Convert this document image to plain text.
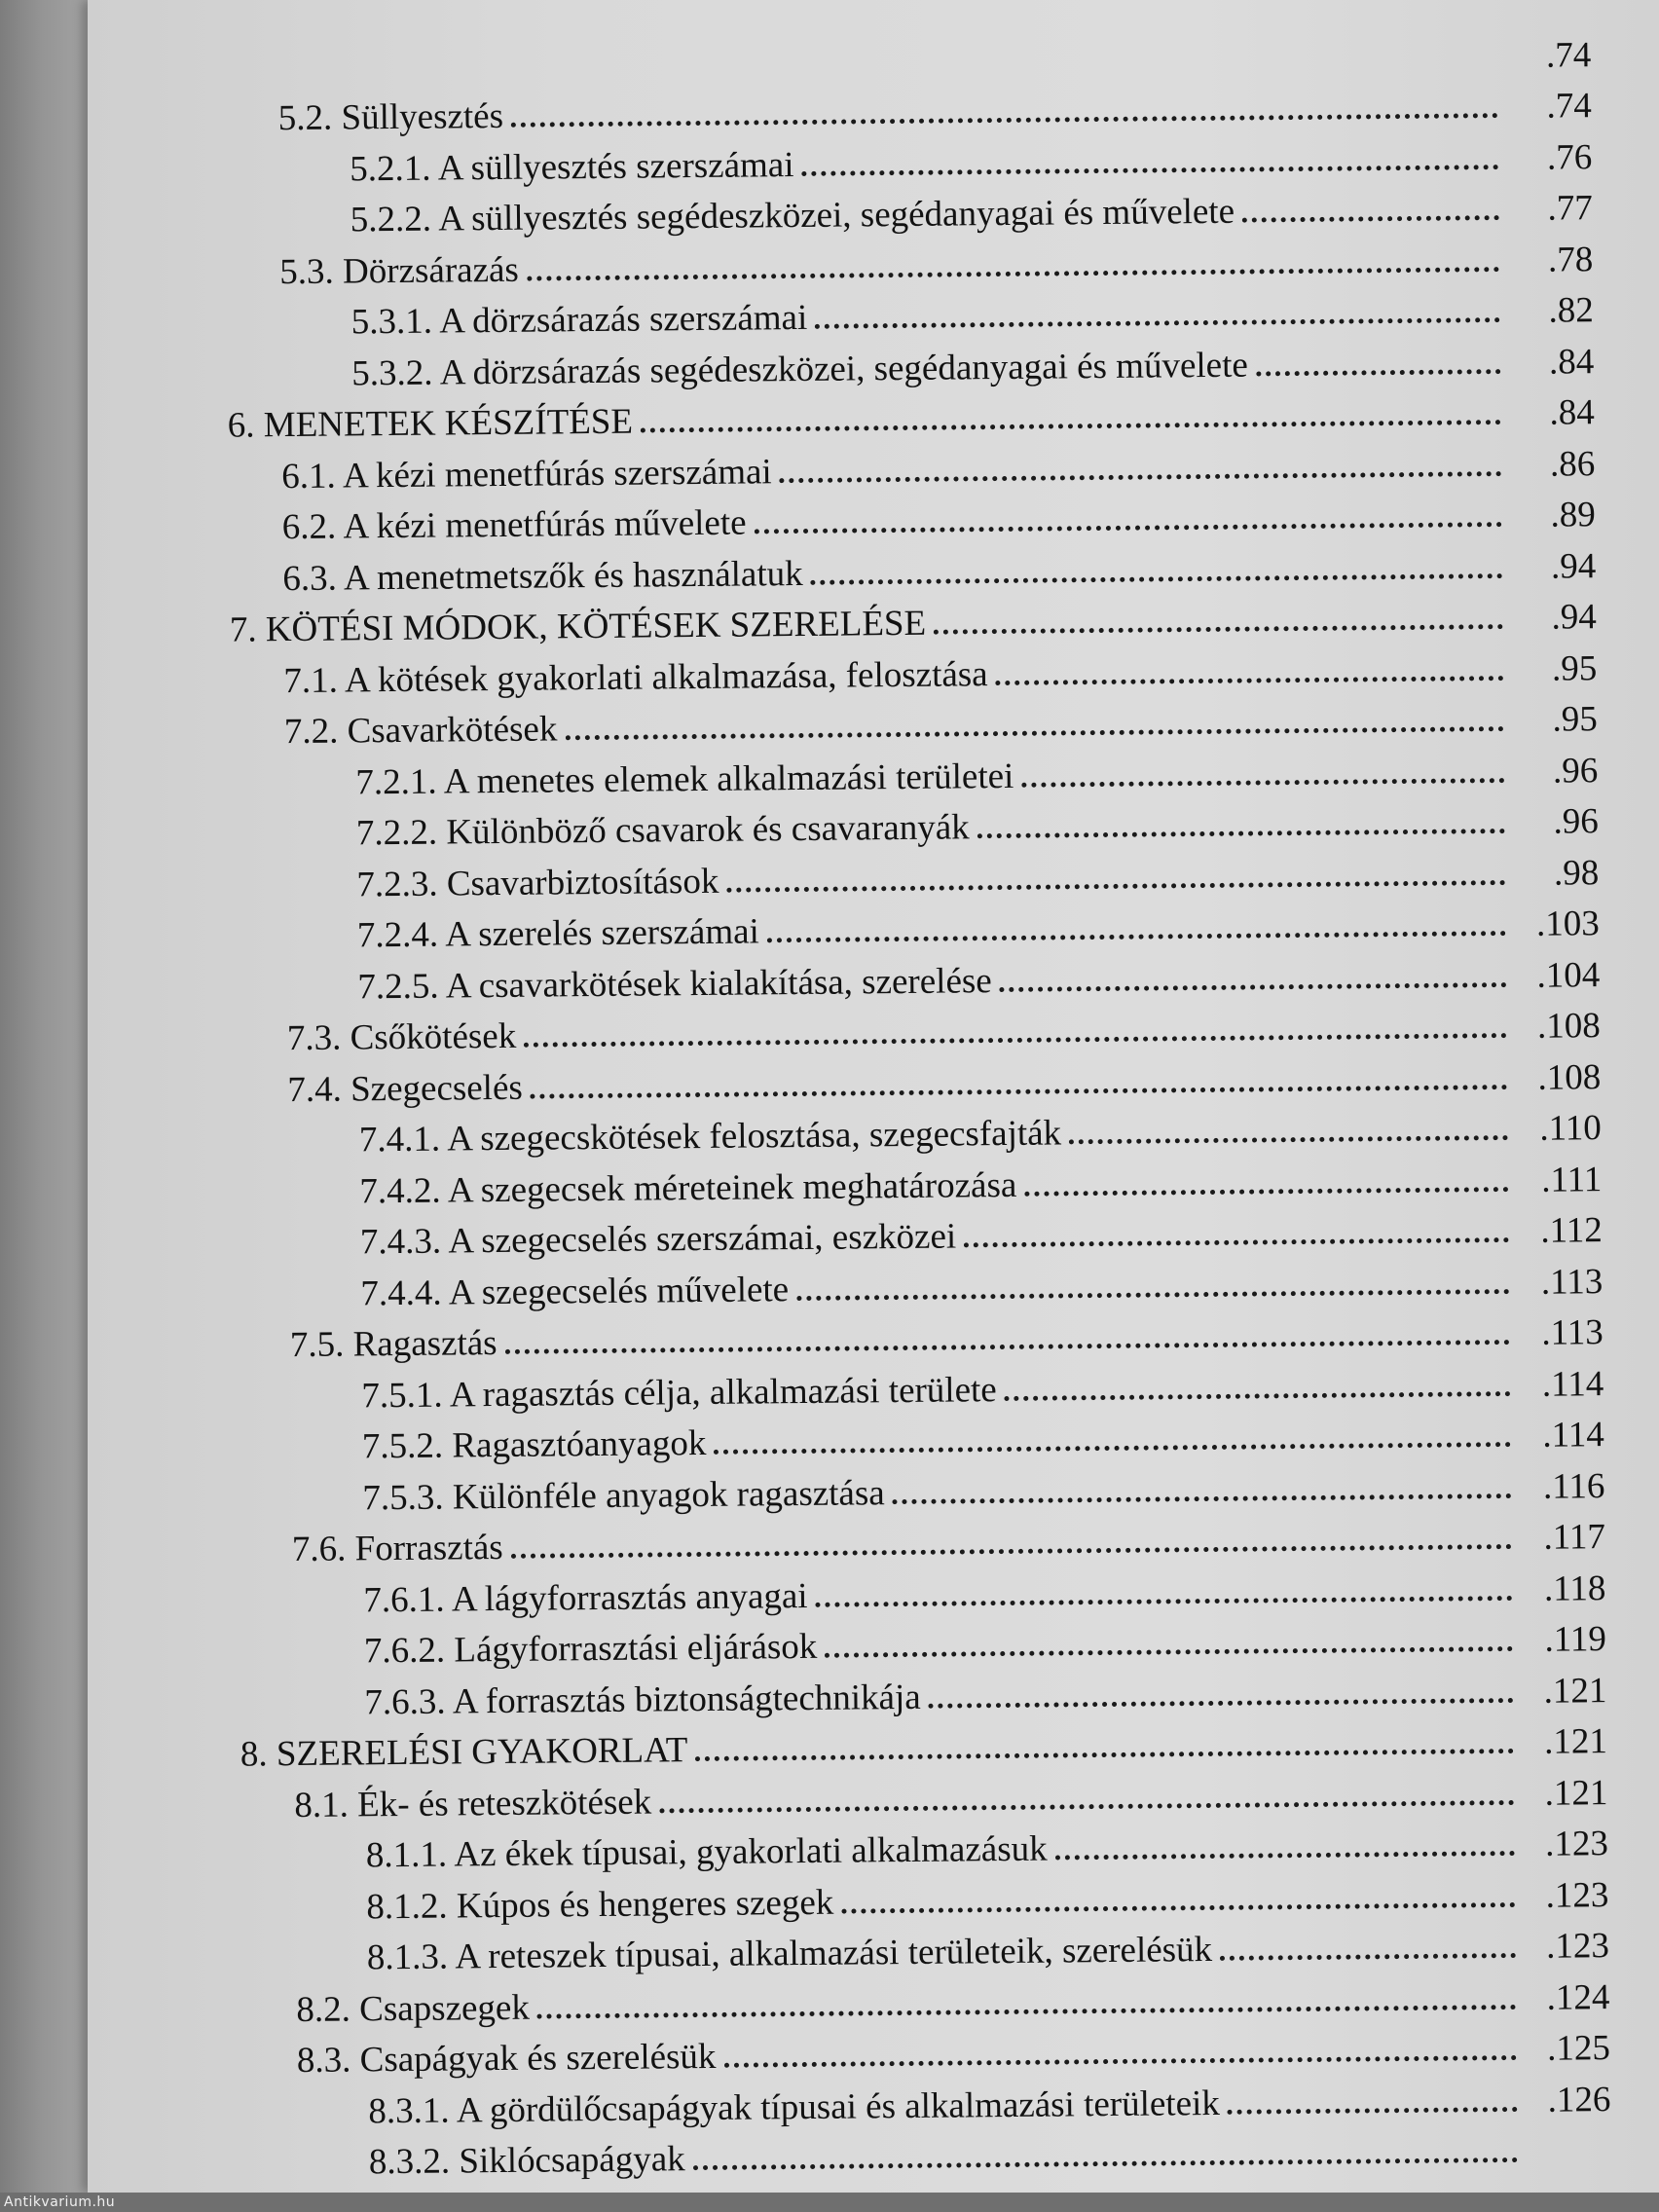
.74
5.2. Süllyesztés	.74
5.2.1. A süllyesztés szerszámai	.76
5.2.2. A süllyesztés segédeszközei, segédanyagai és művelete	.77
5.3. Dörzsárazás	.78
5.3.1. A dörzsárazás szerszámai	.82
5.3.2. A dörzsárazás segédeszközei, segédanyagai és művelete	.84
6. MENETEK KÉSZÍTÉSE	.84
6.1. A kézi menetfúrás szerszámai	.86
6.2. A kézi menetfúrás művelete	.89
6.3. A menetmetszők és használatuk	.94
7. KÖTÉSI MÓDOK, KÖTÉSEK SZERELÉSE	.94
7.1. A kötések gyakorlati alkalmazása, felosztása	.95
7.2. Csavarkötések	.95
7.2.1. A menetes elemek alkalmazási területei	.96
7.2.2. Különböző csavarok és csavaranyák	.96
7.2.3. Csavarbiztosítások	.98
7.2.4. A szerelés szerszámai	.103
7.2.5. A csavarkötések kialakítása, szerelése	.104
7.3. Csőkötések	.108
7.4. Szegecselés	.108
7.4.1. A szegecskötések felosztása, szegecsfajták	.110
7.4.2. A szegecsek méreteinek meghatározása	.111
7.4.3. A szegecselés szerszámai, eszközei	.112
7.4.4. A szegecselés művelete	.113
7.5. Ragasztás	.113
7.5.1. A ragasztás célja, alkalmazási területe	.114
7.5.2. Ragasztóanyagok	.114
7.5.3. Különféle anyagok ragasztása	.116
7.6. Forrasztás	.117
7.6.1. A lágyforrasztás anyagai	.118
7.6.2. Lágyforrasztási eljárások	.119
7.6.3. A forrasztás biztonságtechnikája	.121
8. SZERELÉSI GYAKORLAT	.121
8.1. Ék- és reteszkötések	.121
8.1.1. Az ékek típusai, gyakorlati alkalmazásuk	.123
8.1.2. Kúpos és hengeres szegek	.123
8.1.3. A reteszek típusai, alkalmazási területeik, szerelésük	.123
8.2. Csapszegek	.124
8.3. Csapágyak és szerelésük	.125
8.3.1. A gördülőcsapágyak típusai és alkalmazási területeik	.126
8.3.2. Siklócsapágyak
Antikvarium.hu
